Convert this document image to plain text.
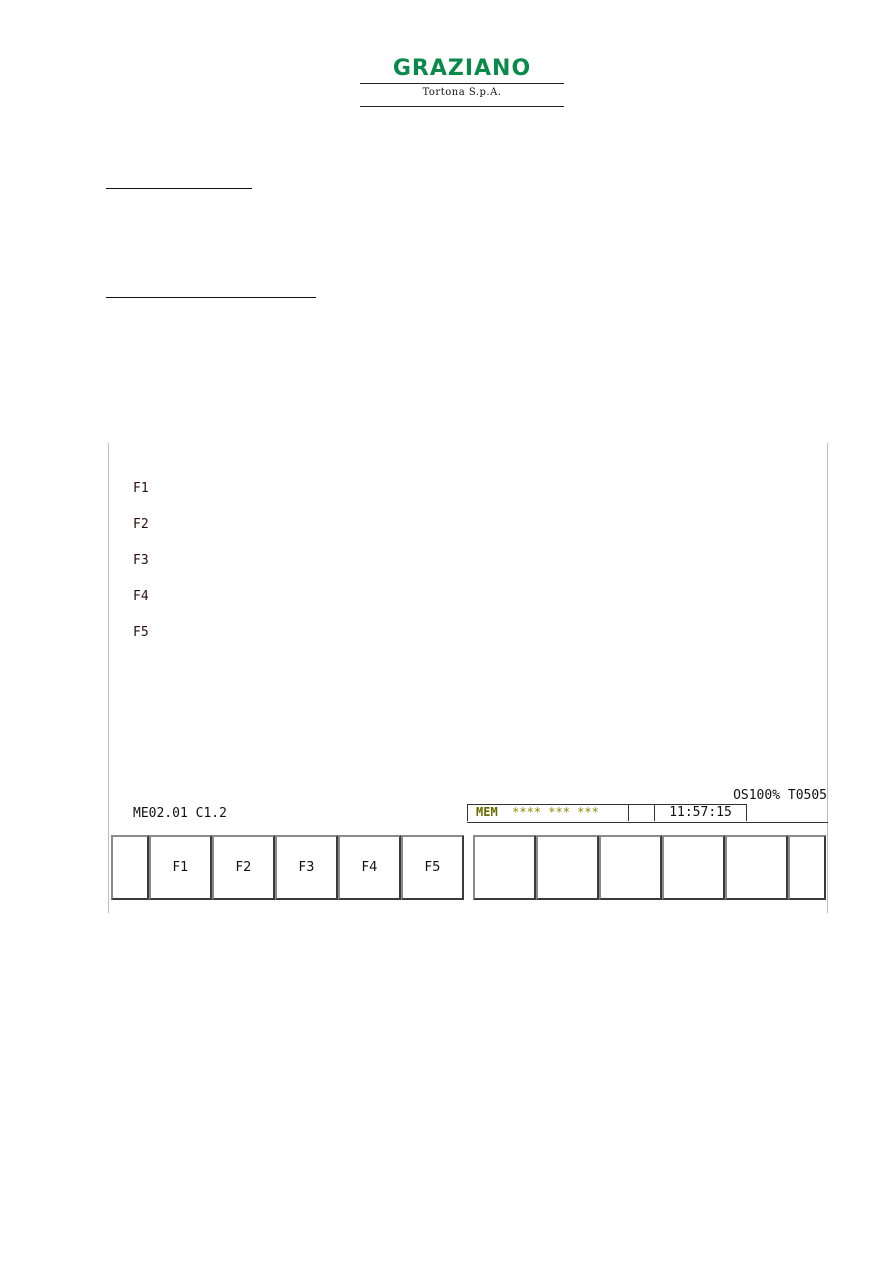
GRAZIANO
Tortona S.p.A.
F1
F2
F3
F4
F5
OS100% T0505
ME02.01 C1.2	MEM **** *** ***	11:57:15
F1	F2	F3	F4	F5
